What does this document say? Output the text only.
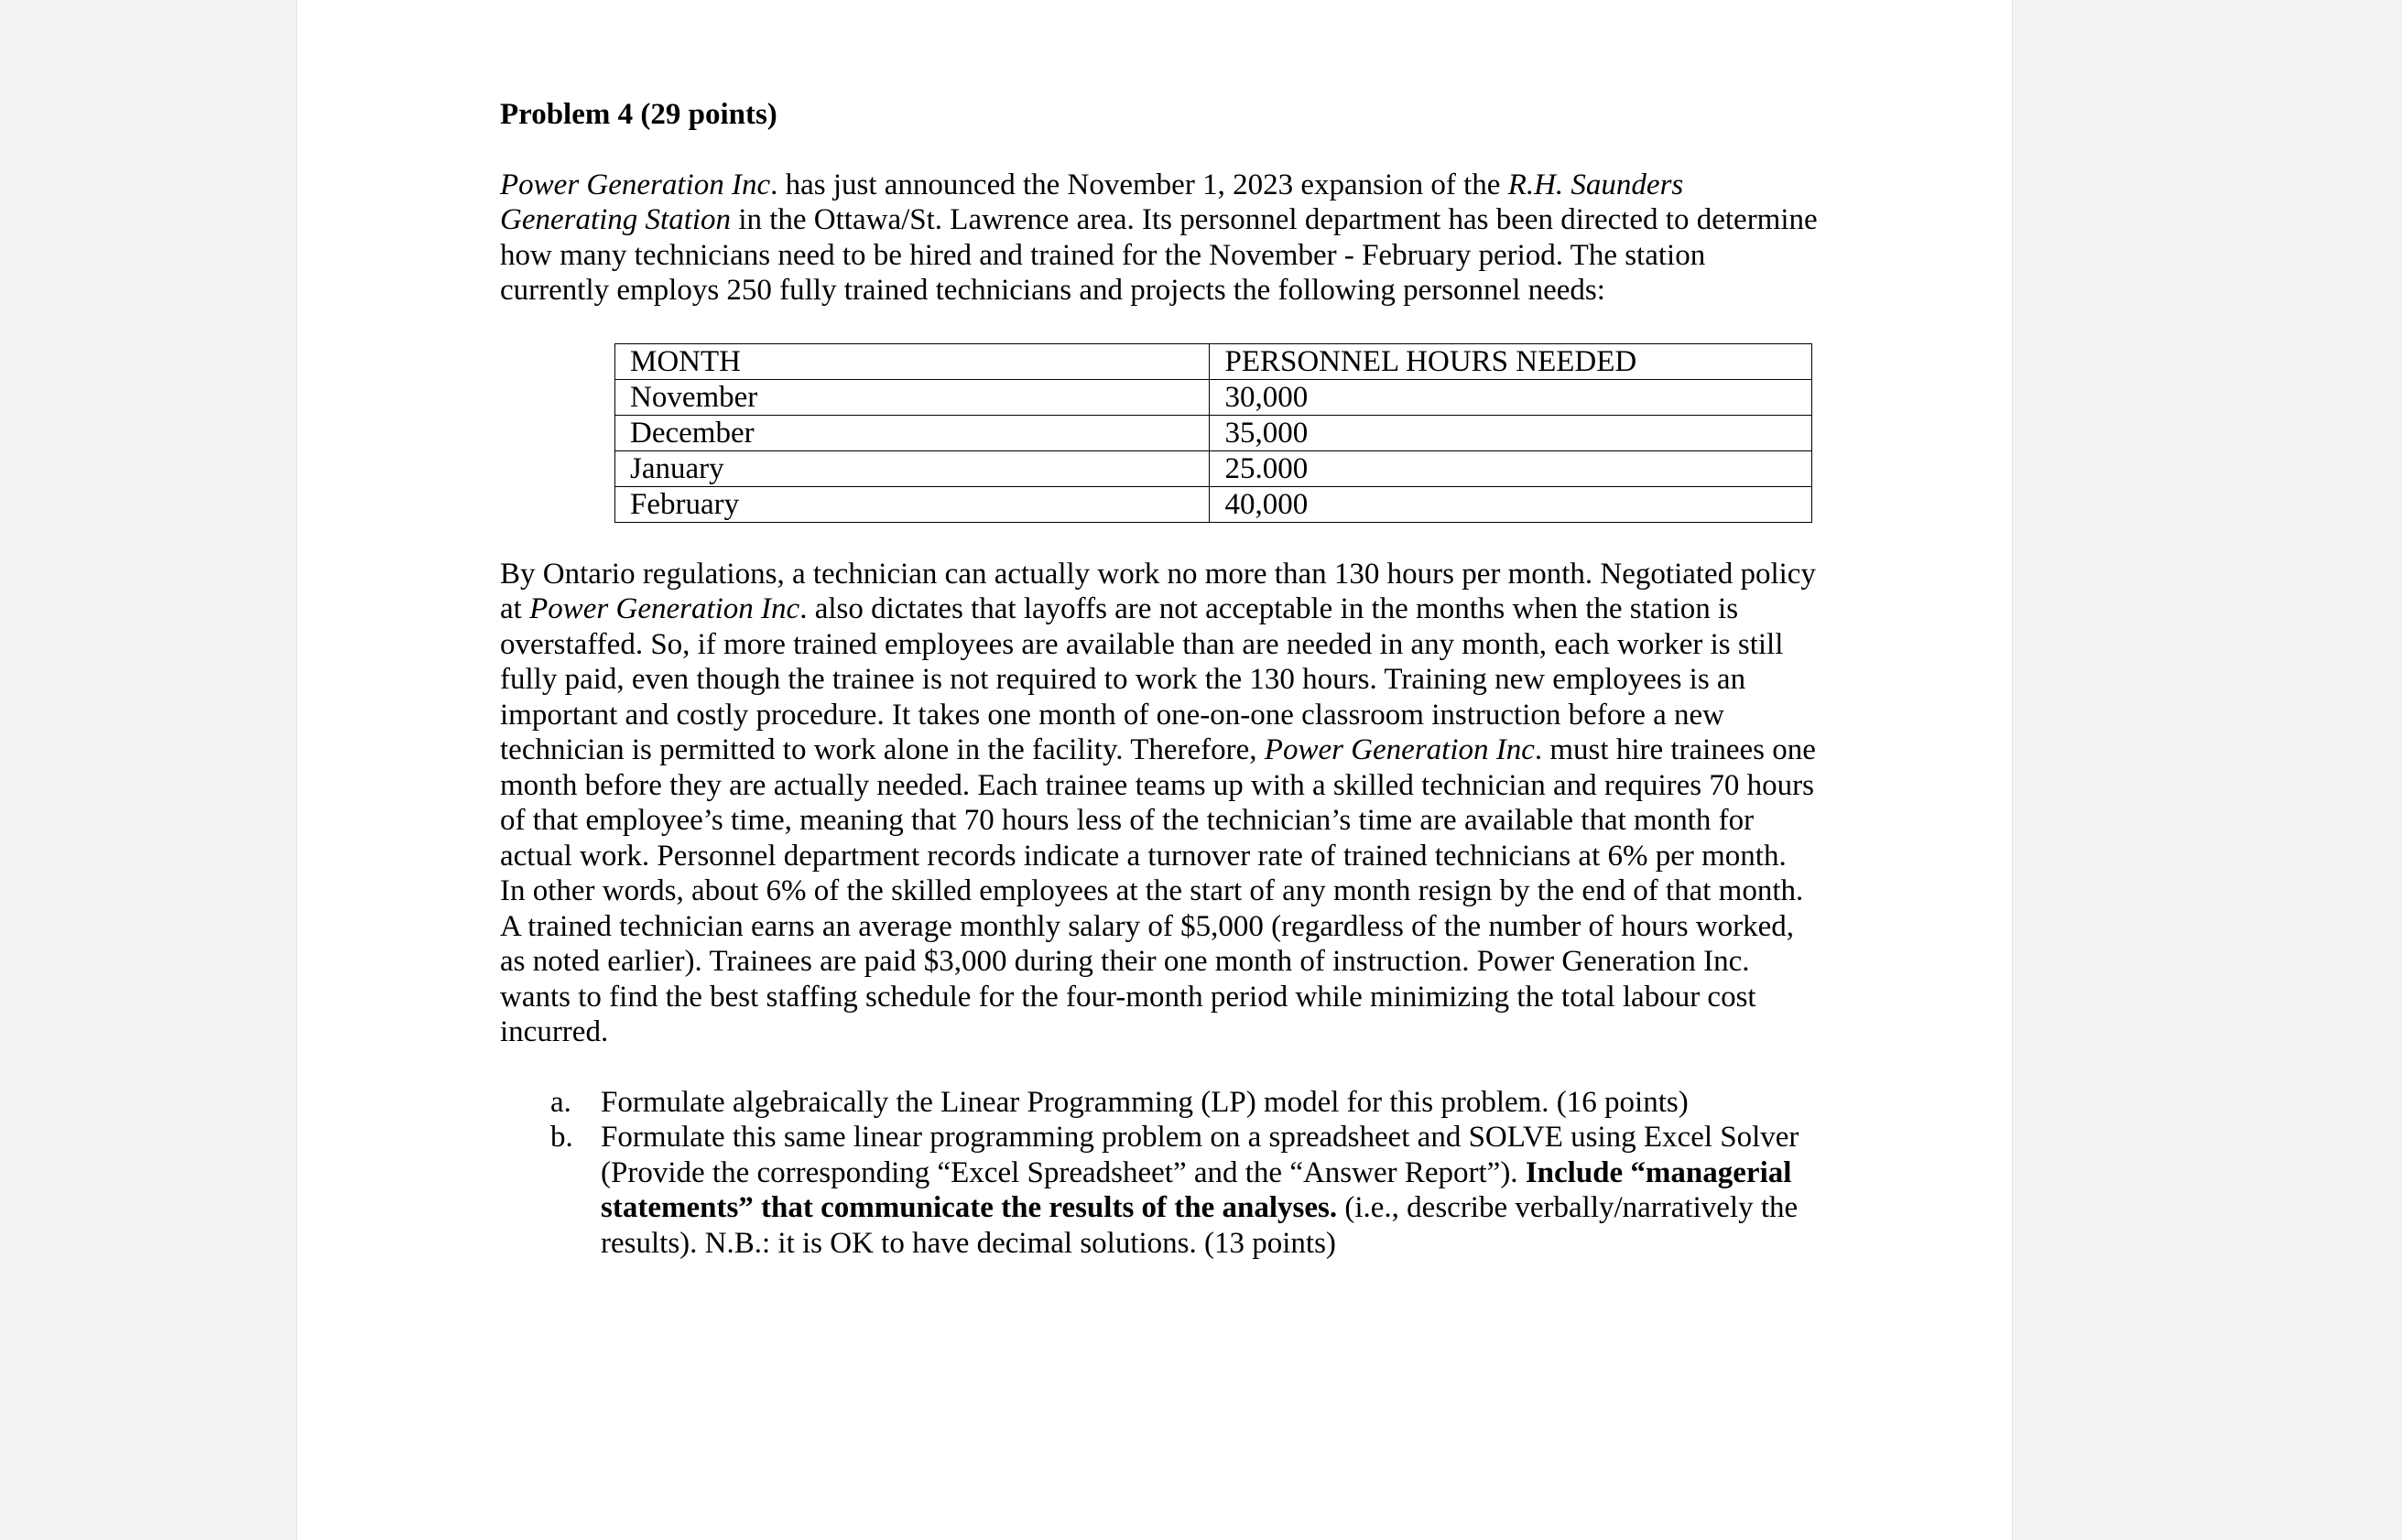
Problem 4 (29 points)

Power Generation Inc. has just announced the November 1, 2023 expansion of the R.H. Saunders Generating Station in the Ottawa/St. Lawrence area. Its personnel department has been directed to determine how many technicians need to be hired and trained for the November - February period. The station currently employs 250 fully trained technicians and projects the following personnel needs:

MONTH	PERSONNEL HOURS NEEDED
November	30,000
December	35,000
January	25.000
February	40,000

By Ontario regulations, a technician can actually work no more than 130 hours per month. Negotiated policy at Power Generation Inc. also dictates that layoffs are not acceptable in the months when the station is overstaffed. So, if more trained employees are available than are needed in any month, each worker is still fully paid, even though the trainee is not required to work the 130 hours. Training new employees is an important and costly procedure. It takes one month of one-on-one classroom instruction before a new technician is permitted to work alone in the facility. Therefore, Power Generation Inc. must hire trainees one month before they are actually needed. Each trainee teams up with a skilled technician and requires 70 hours of that employee’s time, meaning that 70 hours less of the technician’s time are available that month for actual work. Personnel department records indicate a turnover rate of trained technicians at 6% per month. In other words, about 6% of the skilled employees at the start of any month resign by the end of that month. A trained technician earns an average monthly salary of $5,000 (regardless of the number of hours worked, as noted earlier). Trainees are paid $3,000 during their one month of instruction. Power Generation Inc. wants to find the best staffing schedule for the four-month period while minimizing the total labour cost incurred.

a. Formulate algebraically the Linear Programming (LP) model for this problem. (16 points)
b. Formulate this same linear programming problem on a spreadsheet and SOLVE using Excel Solver (Provide the corresponding “Excel Spreadsheet” and the “Answer Report”). Include “managerial statements” that communicate the results of the analyses. (i.e., describe verbally/narratively the results). N.B.: it is OK to have decimal solutions. (13 points)
